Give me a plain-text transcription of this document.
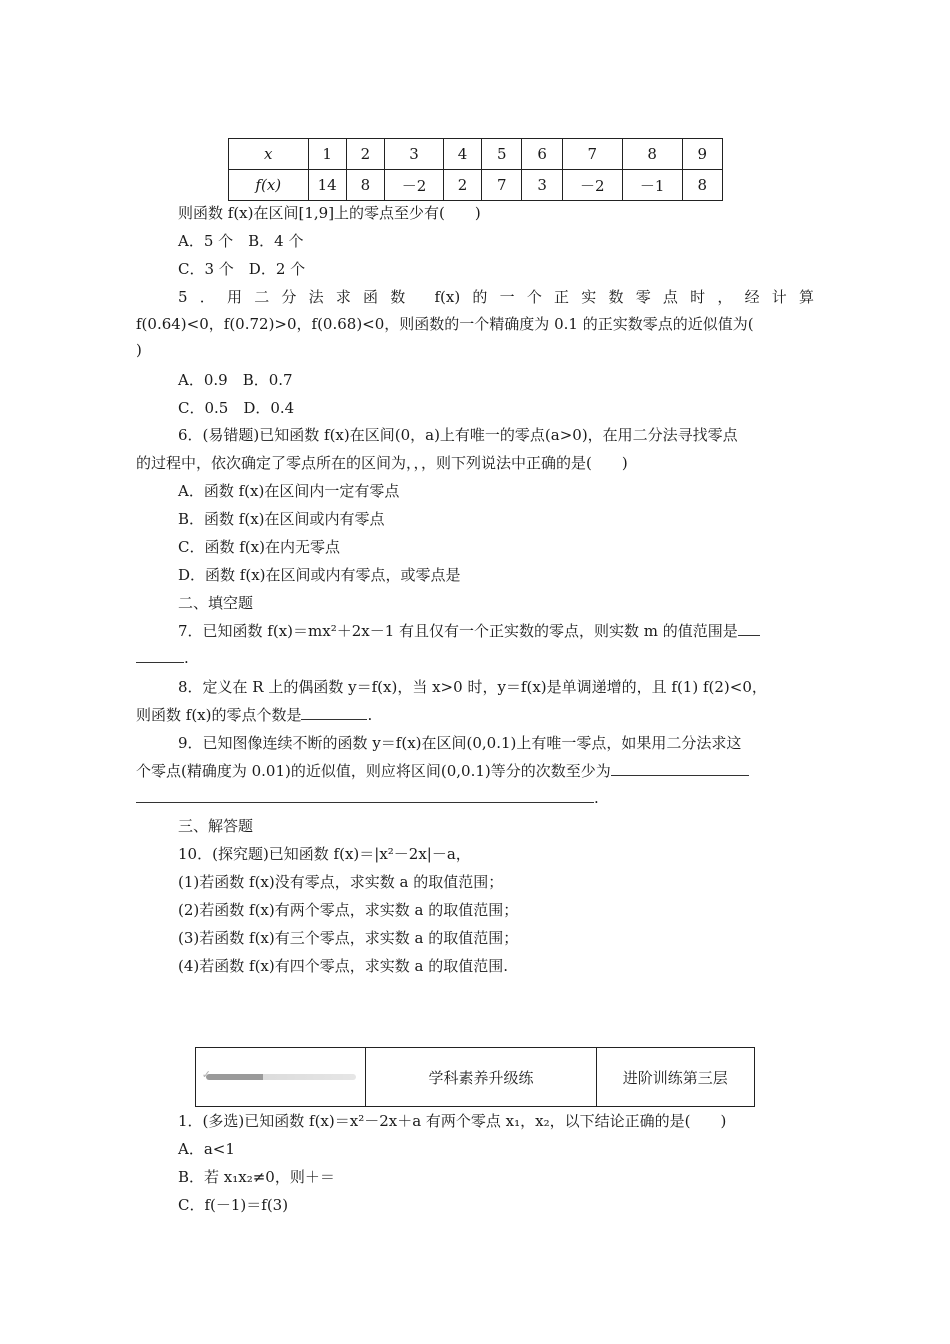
x	1	2	3	4	5	6	7	8	9
f(x)	14	8	－2	2	7	3	－2	－1	8
则函数 f(x)在区间[1,9]上的零点至少有(　　)
A．5 个　B．4 个
C．3 个　D．2 个
5．用二分法求函数 f(x)的一个正实数零点时，经计算
f(0.64)<0，f(0.72)>0，f(0.68)<0，则函数的一个精确度为 0.1 的正实数零点的近似值为(
)
A．0.9　B．0.7
C．0.5　D．0.4
6．(易错题)已知函数 f(x)在区间(0，a)上有唯一的零点(a>0)，在用二分法寻找零点
的过程中，依次确定了零点所在的区间为，，，则下列说法中正确的是(　　)
A．函数 f(x)在区间内一定有零点
B．函数 f(x)在区间或内有零点
C．函数 f(x)在内无零点
D．函数 f(x)在区间或内有零点，或零点是
二、填空题
7．已知函数 f(x)＝mx²＋2x－1 有且仅有一个正实数的零点，则实数 m 的值范围是
.
8．定义在 R 上的偶函数 y＝f(x)，当 x>0 时，y＝f(x)是单调递增的，且 f(1) f(2)<0，
则函数 f(x)的零点个数是	.
9．已知图像连续不断的函数 y＝f(x)在区间(0,0.1)上有唯一零点，如果用二分法求这
个零点(精确度为 0.01)的近似值，则应将区间(0,0.1)等分的次数至少为
.
三、解答题
10．(探究题)已知函数 f(x)＝|x²－2x|－a，
(1)若函数 f(x)没有零点，求实数 a 的取值范围；
(2)若函数 f(x)有两个零点，求实数 a 的取值范围；
(3)若函数 f(x)有三个零点，求实数 a 的取值范围；
(4)若函数 f(x)有四个零点，求实数 a 的取值范围.
✓	学科素养升级练	进阶训练第三层
1．(多选)已知函数 f(x)＝x²－2x＋a 有两个零点 x₁，x₂，以下结论正确的是(　　)
A．a<1
B．若 x₁x₂≠0，则＋＝
C．f(－1)＝f(3)
